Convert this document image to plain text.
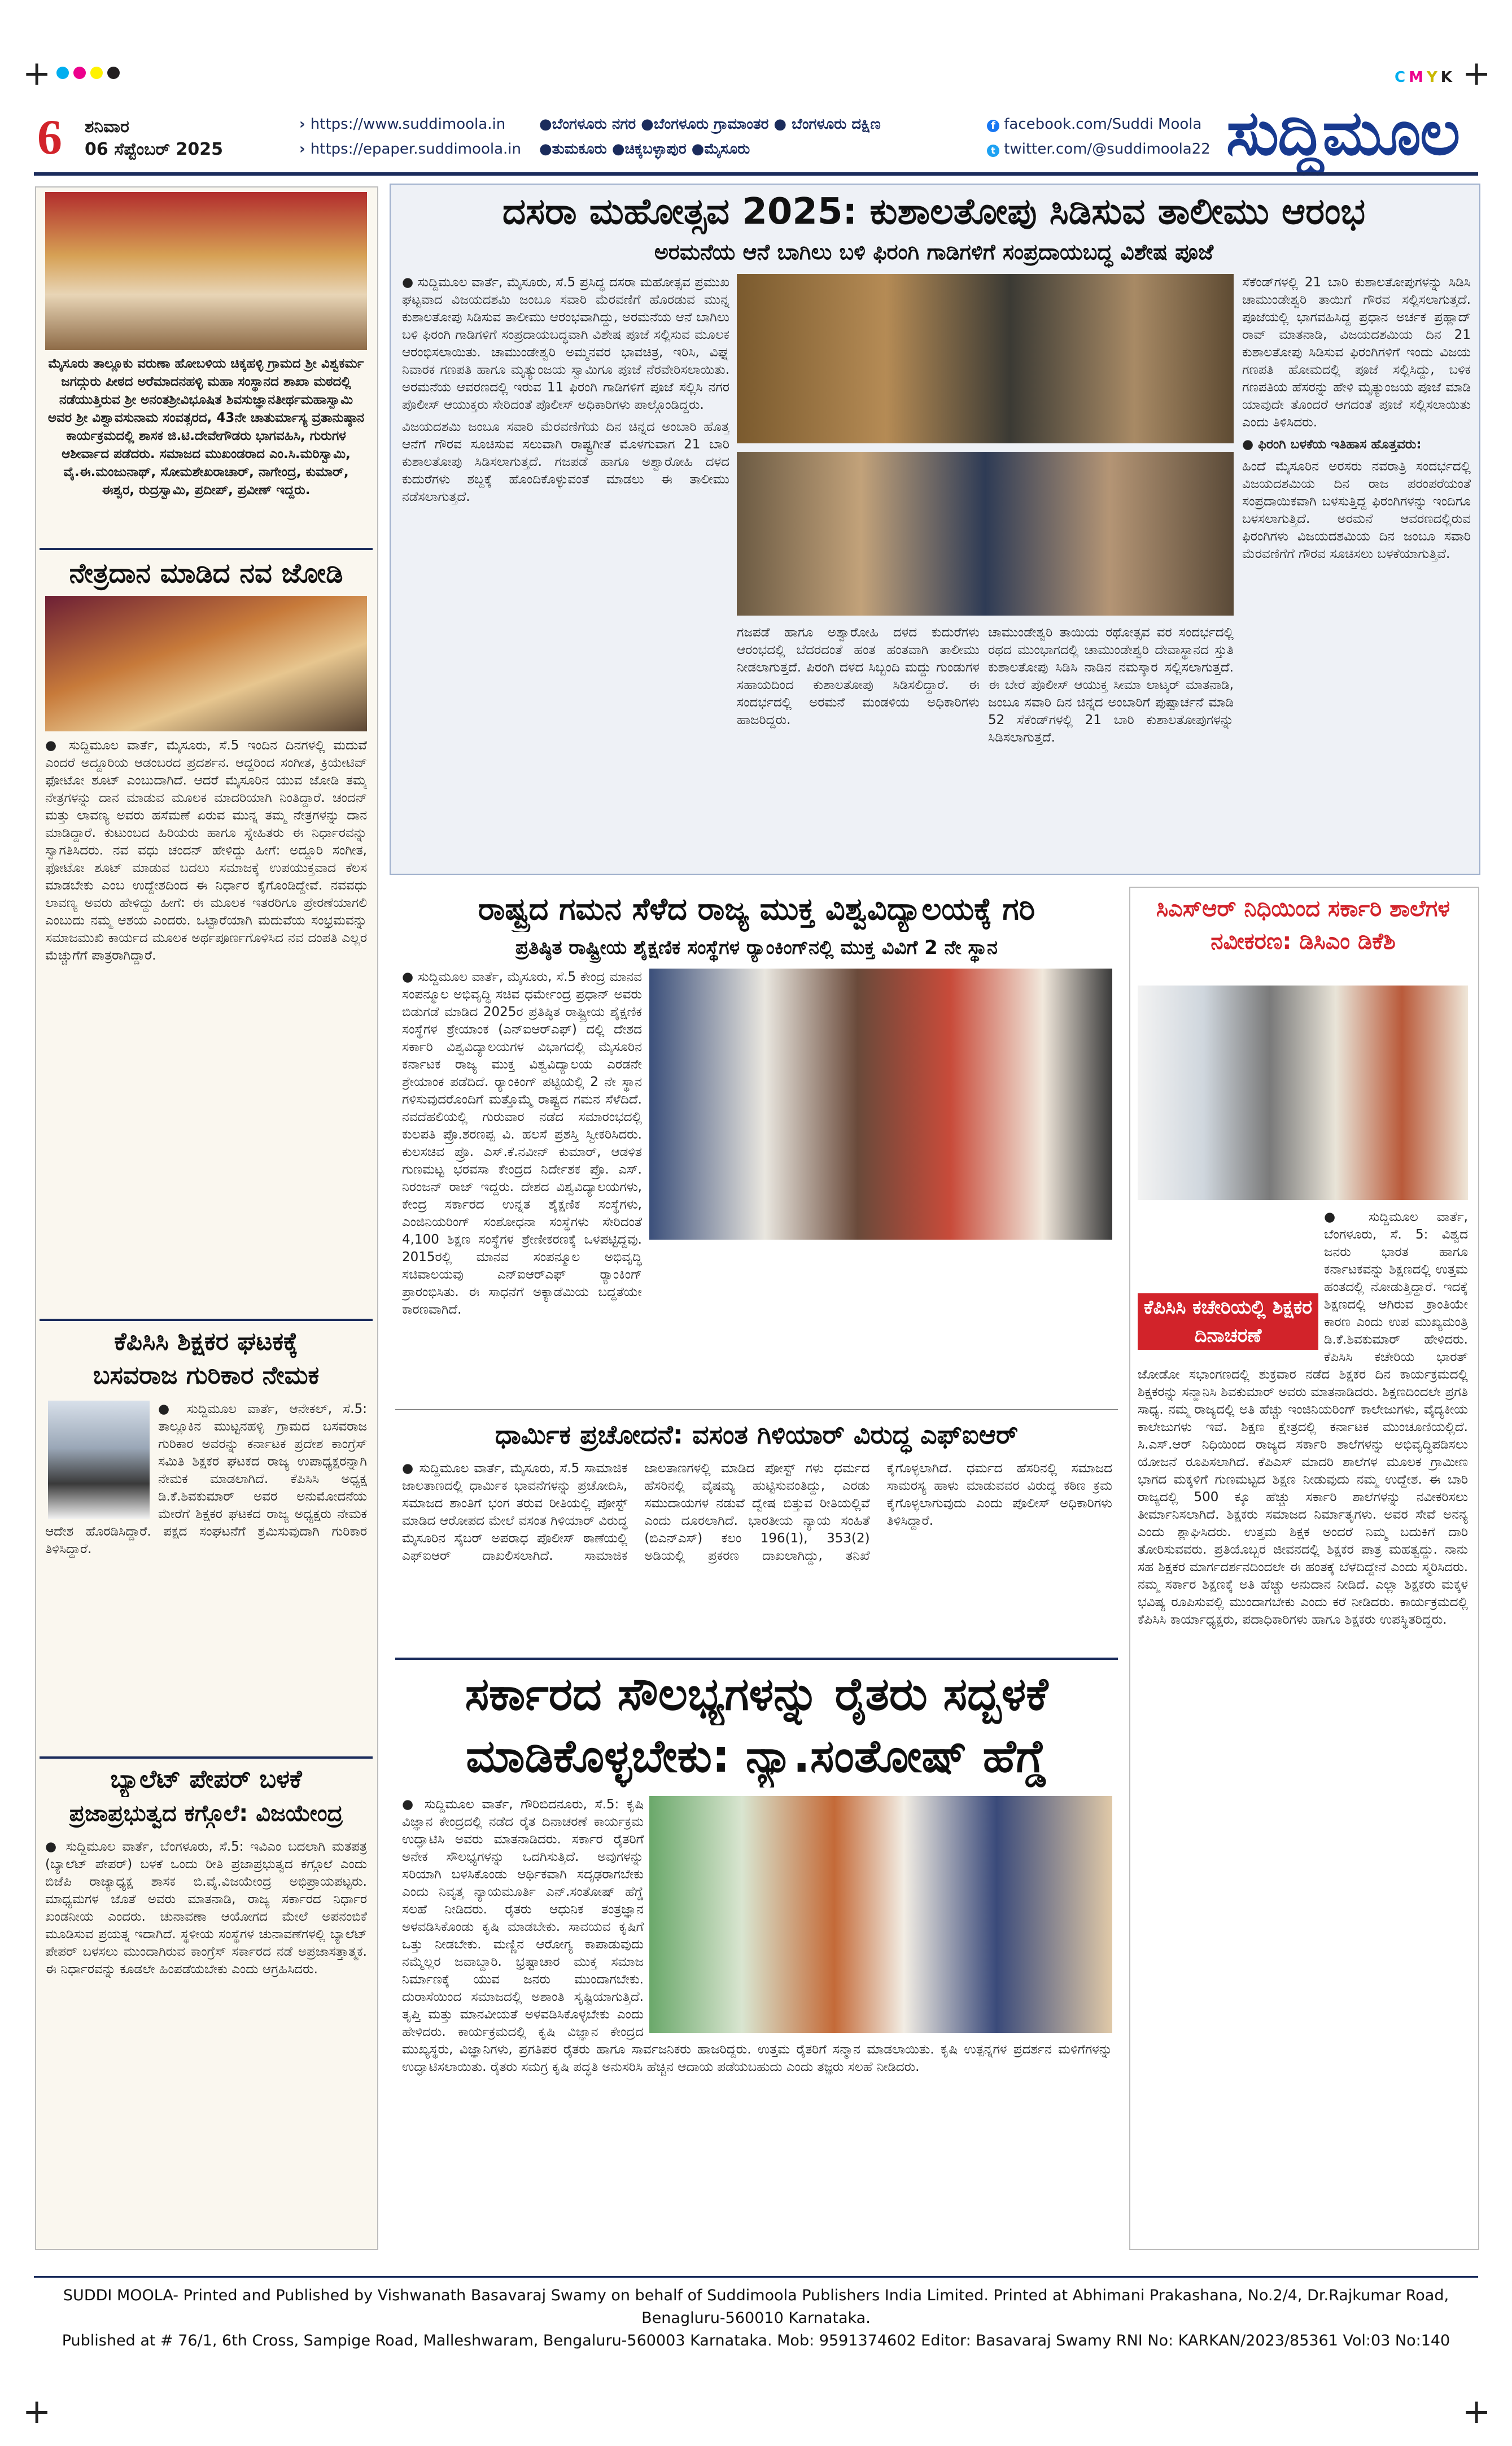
+	+
+	+
CMYK
6 ಶನಿವಾರ
06 ಸೆಪ್ಟೆಂಬರ್ 2025
› https://www.suddimoola.in
› https://epaper.suddimoola.in
●ಬೆಂಗಳೂರು ನಗರ ●ಬೆಂಗಳೂರು ಗ್ರಾಮಾಂತರ ● ಬೆಂಗಳೂರು ದಕ್ಷಿಣ
●ತುಮಕೂರು ●ಚಿಕ್ಕಬಳ್ಳಾಪುರ ●ಮೈಸೂರು
f facebook.com/Suddi Moola
t twitter.com/@suddimoola22 ಸುದ್ದಿಮೂಲ
ಮೈಸೂರು ತಾಲ್ಲೂಕು ವರುಣಾ ಹೋಬಳಿಯ ಚಿಕ್ಕಹಳ್ಳಿ ಗ್ರಾಮದ ಶ್ರೀ ವಿಶ್ವಕರ್ಮ ಜಗದ್ಗುರು ಪೀಠದ ಅರೆಮಾದನಹಳ್ಳಿ ಮಹಾ ಸಂಸ್ಥಾನದ ಶಾಖಾ ಮಠದಲ್ಲಿ ನಡೆಯುತ್ತಿರುವ ಶ್ರೀ ಅನಂತಶ್ರೀವಿಭೂಷಿತ ಶಿವಸುಜ್ಞಾನತೀರ್ಥಮಹಾಸ್ವಾಮಿ ಅವರ ಶ್ರೀ ವಿಶ್ವಾವಸುನಾಮ ಸಂವತ್ಸರದ, 43ನೇ ಚಾತುರ್ಮಾಸ್ಯ ವ್ರತಾನುಷ್ಠಾನ ಕಾರ್ಯಕ್ರಮದಲ್ಲಿ ಶಾಸಕ ಜಿ.ಟಿ.ದೇವೇಗೌಡರು ಭಾಗವಹಿಸಿ, ಗುರುಗಳ ಆಶೀರ್ವಾದ ಪಡೆದರು. ಸಮಾಜದ ಮುಖಂಡರಾದ ಎಂ.ಸಿ.ಮರಿಸ್ವಾಮಿ, ವೈ.ಈ.ಮಂಜುನಾಥ್, ಸೋಮಶೇಖರಾಚಾರ್, ನಾಗೇಂದ್ರ, ಕುಮಾರ್, ಈಶ್ವರ, ರುದ್ರಸ್ವಾಮಿ, ಪ್ರದೀಪ್, ಪ್ರವೀಣ್ ಇದ್ದರು.
ನೇತ್ರದಾನ ಮಾಡಿದ ನವ ಜೋಡಿ
● ಸುದ್ದಿಮೂಲ ವಾರ್ತೆ, ಮೈಸೂರು, ಸೆ.5 ಇಂದಿನ ದಿನಗಳಲ್ಲಿ ಮದುವೆ ಎಂದರೆ ಅದ್ದೂರಿಯ ಆಡಂಬರದ ಪ್ರದರ್ಶನ. ಆದ್ದರಿಂದ ಸಂಗೀತ, ಕ್ರಿಯೇಟಿವ್ ಫೋಟೋ ಶೂಟ್ ಎಂಬುದಾಗಿದೆ. ಆದರೆ ಮೈಸೂರಿನ ಯುವ ಜೋಡಿ ತಮ್ಮ ನೇತ್ರಗಳನ್ನು ದಾನ ಮಾಡುವ ಮೂಲಕ ಮಾದರಿಯಾಗಿ ನಿಂತಿದ್ದಾರೆ. ಚಂದನ್ ಮತ್ತು ಲಾವಣ್ಯ ಅವರು ಹಸೆಮಣೆ ಏರುವ ಮುನ್ನ ತಮ್ಮ ನೇತ್ರಗಳನ್ನು ದಾನ ಮಾಡಿದ್ದಾರೆ. ಕುಟುಂಬದ ಹಿರಿಯರು ಹಾಗೂ ಸ್ನೇಹಿತರು ಈ ನಿರ್ಧಾರವನ್ನು ಸ್ವಾಗತಿಸಿದರು. ನವ ವಧು ಚಂದನ್ ಹೇಳಿದ್ದು ಹೀಗೆ: ಅದ್ದೂರಿ ಸಂಗೀತ, ಫೋಟೋ ಶೂಟ್ ಮಾಡುವ ಬದಲು ಸಮಾಜಕ್ಕೆ ಉಪಯುಕ್ತವಾದ ಕೆಲಸ ಮಾಡಬೇಕು ಎಂಬ ಉದ್ದೇಶದಿಂದ ಈ ನಿರ್ಧಾರ ಕೈಗೊಂಡಿದ್ದೇವೆ. ನವವಧು ಲಾವಣ್ಯ ಅವರು ಹೇಳಿದ್ದು ಹೀಗೆ: ಈ ಮೂಲಕ ಇತರರಿಗೂ ಪ್ರೇರಣೆಯಾಗಲಿ ಎಂಬುದು ನಮ್ಮ ಆಶಯ ಎಂದರು. ಒಟ್ಟಾರೆಯಾಗಿ ಮದುವೆಯ ಸಂಭ್ರಮವನ್ನು ಸಮಾಜಮುಖಿ ಕಾರ್ಯದ ಮೂಲಕ ಅರ್ಥಪೂರ್ಣಗೊಳಿಸಿದ ನವ ದಂಪತಿ ಎಲ್ಲರ ಮೆಚ್ಚುಗೆಗೆ ಪಾತ್ರರಾಗಿದ್ದಾರೆ.
ಕೆಪಿಸಿಸಿ ಶಿಕ್ಷಕರ ಘಟಕಕ್ಕೆ
ಬಸವರಾಜ ಗುರಿಕಾರ ನೇಮಕ
● ಸುದ್ದಿಮೂಲ ವಾರ್ತೆ, ಆನೇಕಲ್, ಸೆ.5: ತಾಲ್ಲೂಕಿನ ಮುಟ್ಟನಹಳ್ಳಿ ಗ್ರಾಮದ ಬಸವರಾಜ ಗುರಿಕಾರ ಅವರನ್ನು ಕರ್ನಾಟಕ ಪ್ರದೇಶ ಕಾಂಗ್ರೆಸ್ ಸಮಿತಿ ಶಿಕ್ಷಕರ ಘಟಕದ ರಾಜ್ಯ ಉಪಾಧ್ಯಕ್ಷರನ್ನಾಗಿ ನೇಮಕ ಮಾಡಲಾಗಿದೆ. ಕೆಪಿಸಿಸಿ ಅಧ್ಯಕ್ಷ ಡಿ.ಕೆ.ಶಿವಕುಮಾರ್ ಅವರ ಅನುಮೋದನೆಯ ಮೇರೆಗೆ ಶಿಕ್ಷಕರ ಘಟಕದ ರಾಜ್ಯ ಅಧ್ಯಕ್ಷರು ನೇಮಕ ಆದೇಶ ಹೊರಡಿಸಿದ್ದಾರೆ. ಪಕ್ಷದ ಸಂಘಟನೆಗೆ ಶ್ರಮಿಸುವುದಾಗಿ ಗುರಿಕಾರ ತಿಳಿಸಿದ್ದಾರೆ.
ಬ್ಯಾಲೆಟ್ ಪೇಪರ್ ಬಳಕೆ
ಪ್ರಜಾಪ್ರಭುತ್ವದ ಕಗ್ಗೊಲೆ: ವಿಜಯೇಂದ್ರ
● ಸುದ್ದಿಮೂಲ ವಾರ್ತೆ, ಬೆಂಗಳೂರು, ಸೆ.5: ಇವಿಎಂ ಬದಲಾಗಿ ಮತಪತ್ರ (ಬ್ಯಾಲೆಟ್ ಪೇಪರ್) ಬಳಕೆ ಒಂದು ರೀತಿ ಪ್ರಜಾಪ್ರಭುತ್ವದ ಕಗ್ಗೊಲೆ ಎಂದು ಬಿಜೆಪಿ ರಾಜ್ಯಾಧ್ಯಕ್ಷ ಶಾಸಕ ಬಿ.ವೈ.ವಿಜಯೇಂದ್ರ ಅಭಿಪ್ರಾಯಪಟ್ಟರು. ಮಾಧ್ಯಮಗಳ ಜೊತೆ ಅವರು ಮಾತನಾಡಿ, ರಾಜ್ಯ ಸರ್ಕಾರದ ನಿರ್ಧಾರ ಖಂಡನೀಯ ಎಂದರು. ಚುನಾವಣಾ ಆಯೋಗದ ಮೇಲೆ ಅಪನಂಬಿಕೆ ಮೂಡಿಸುವ ಪ್ರಯತ್ನ ಇದಾಗಿದೆ. ಸ್ಥಳೀಯ ಸಂಸ್ಥೆಗಳ ಚುನಾವಣೆಗಳಲ್ಲಿ ಬ್ಯಾಲೆಟ್ ಪೇಪರ್ ಬಳಸಲು ಮುಂದಾಗಿರುವ ಕಾಂಗ್ರೆಸ್ ಸರ್ಕಾರದ ನಡೆ ಅಪ್ರಜಾಸತ್ತಾತ್ಮಕ. ಈ ನಿರ್ಧಾರವನ್ನು ಕೂಡಲೇ ಹಿಂಪಡೆಯಬೇಕು ಎಂದು ಆಗ್ರಹಿಸಿದರು.
ದಸರಾ ಮಹೋತ್ಸವ 2025: ಕುಶಾಲತೋಪು ಸಿಡಿಸುವ ತಾಲೀಮು ಆರಂಭ
ಅರಮನೆಯ ಆನೆ ಬಾಗಿಲು ಬಳಿ ಫಿರಂಗಿ ಗಾಡಿಗಳಿಗೆ ಸಂಪ್ರದಾಯಬದ್ಧ ವಿಶೇಷ ಪೂಜೆ

● ಸುದ್ದಿಮೂಲ ವಾರ್ತೆ, ಮೈಸೂರು, ಸೆ.5 ಪ್ರಸಿದ್ಧ ದಸರಾ ಮಹೋತ್ಸವ ಪ್ರಮುಖ ಘಟ್ಟವಾದ ವಿಜಯದಶಮಿ ಜಂಬೂ ಸವಾರಿ ಮೆರವಣಿಗೆ ಹೊರಡುವ ಮುನ್ನ ಕುಶಾಲತೋಪು ಸಿಡಿಸುವ ತಾಲೀಮು ಆರಂಭವಾಗಿದ್ದು, ಅರಮನೆಯ ಆನೆ ಬಾಗಿಲು ಬಳಿ ಫಿರಂಗಿ ಗಾಡಿಗಳಿಗೆ ಸಂಪ್ರದಾಯಬದ್ಧವಾಗಿ ವಿಶೇಷ ಪೂಜೆ ಸಲ್ಲಿಸುವ ಮೂಲಕ ಆರಂಭಿಸಲಾಯಿತು. ಚಾಮುಂಡೇಶ್ವರಿ ಅಮ್ಮನವರ ಭಾವಚಿತ್ರ, ಇರಿಸಿ, ವಿಘ್ನ ನಿವಾರಕ ಗಣಪತಿ ಹಾಗೂ ಮೃತ್ಯುಂಜಯ ಸ್ವಾಮಿಗೂ ಪೂಜೆ ನೆರವೇರಿಸಲಾಯಿತು. ಅರಮನೆಯ ಆವರಣದಲ್ಲಿ ಇರುವ 11 ಫಿರಂಗಿ ಗಾಡಿಗಳಿಗೆ ಪೂಜೆ ಸಲ್ಲಿಸಿ ನಗರ ಪೊಲೀಸ್ ಆಯುಕ್ತರು ಸೇರಿದಂತೆ ಪೊಲೀಸ್ ಅಧಿಕಾರಿಗಳು ಪಾಲ್ಗೊಂಡಿದ್ದರು.

ವಿಜಯದಶಮಿ ಜಂಬೂ ಸವಾರಿ ಮೆರವಣಿಗೆಯ ದಿನ ಚಿನ್ನದ ಅಂಬಾರಿ ಹೊತ್ತ ಆನೆಗೆ ಗೌರವ ಸೂಚಿಸುವ ಸಲುವಾಗಿ ರಾಷ್ಟ್ರಗೀತೆ ಮೊಳಗುವಾಗ 21 ಬಾರಿ ಕುಶಾಲತೋಪು ಸಿಡಿಸಲಾಗುತ್ತದೆ. ಗಜಪಡೆ ಹಾಗೂ ಅಶ್ವಾರೋಹಿ ದಳದ ಕುದುರೆಗಳು ಶಬ್ದಕ್ಕೆ ಹೊಂದಿಕೊಳ್ಳುವಂತೆ ಮಾಡಲು ಈ ತಾಲೀಮು ನಡೆಸಲಾಗುತ್ತದೆ.

ಗಜಪಡೆ ಹಾಗೂ ಅಶ್ವಾರೋಹಿ ದಳದ ಕುದುರೆಗಳು ಆರಂಭದಲ್ಲಿ ಬೆದರದಂತೆ ಹಂತ ಹಂತವಾಗಿ ತಾಲೀಮು ನೀಡಲಾಗುತ್ತದೆ. ಪಿರಂಗಿ ದಳದ ಸಿಬ್ಬಂದಿ ಮದ್ದು ಗುಂಡುಗಳ ಸಹಾಯದಿಂದ ಕುಶಾಲತೋಪು ಸಿಡಿಸಲಿದ್ದಾರೆ. ಈ ಸಂದರ್ಭದಲ್ಲಿ ಅರಮನೆ ಮಂಡಳಿಯ ಅಧಿಕಾರಿಗಳು ಹಾಜರಿದ್ದರು.
ಚಾಮುಂಡೇಶ್ವರಿ ತಾಯಿಯ ರಥೋತ್ಸವ ವರ ಸಂದರ್ಭದಲ್ಲಿ ರಥದ ಮುಂಭಾಗದಲ್ಲಿ ಚಾಮುಂಡೇಶ್ವರಿ ದೇವಾಸ್ಥಾನದ ಸ್ತುತಿ ಕುಶಾಲತೋಪು ಸಿಡಿಸಿ ನಾಡಿನ ನಮಸ್ಕಾರ ಸಲ್ಲಿಸಲಾಗುತ್ತದೆ. ಈ ಬೇರೆ ಪೊಲೀಸ್ ಆಯುಕ್ತ ಸೀಮಾ ಲಾಟ್ಕರ್ ಮಾತನಾಡಿ, ಜಂಬೂ ಸವಾರಿ ದಿನ ಚಿನ್ನದ ಅಂಬಾರಿಗೆ ಪುಷ್ಪಾರ್ಚನೆ ಮಾಡಿ 52 ಸೆಕೆಂಡ್‌ಗಳಲ್ಲಿ 21 ಬಾರಿ ಕುಶಾಲತೋಪುಗಳನ್ನು ಸಿಡಿಸಲಾಗುತ್ತದೆ.

ಸೆಕೆಂಡ್‌ಗಳಲ್ಲಿ 21 ಬಾರಿ ಕುಶಾಲತೋಪುಗಳನ್ನು ಸಿಡಿಸಿ ಚಾಮುಂಡೇಶ್ವರಿ ತಾಯಿಗೆ ಗೌರವ ಸಲ್ಲಿಸಲಾಗುತ್ತದೆ. ಪೂಜೆಯಲ್ಲಿ ಭಾಗವಹಿಸಿದ್ದ ಪ್ರಧಾನ ಅರ್ಚಕ ಪ್ರಹ್ಲಾದ್ ರಾವ್ ಮಾತನಾಡಿ, ವಿಜಯದಶಮಿಯ ದಿನ 21 ಕುಶಾಲತೋಪು ಸಿಡಿಸುವ ಫಿರಂಗಿಗಳಿಗೆ ಇಂದು ವಿಜಯ ಗಣಪತಿ ಹೋಮದಲ್ಲಿ ಪೂಜೆ ಸಲ್ಲಿಸಿದ್ದು, ಬಳಿಕ ಗಣಪತಿಯ ಹೆಸರನ್ನು ಹೇಳಿ ಮೃತ್ಯುಂಜಯ ಪೂಜೆ ಮಾಡಿ ಯಾವುದೇ ತೊಂದರೆ ಆಗದಂತೆ ಪೂಜೆ ಸಲ್ಲಿಸಲಾಯಿತು ಎಂದು ತಿಳಿಸಿದರು.

● ಫಿರಂಗಿ ಬಳಕೆಯ ಇತಿಹಾಸ ಹೊತ್ತವರು:

ಹಿಂದೆ ಮೈಸೂರಿನ ಅರಸರು ನವರಾತ್ರಿ ಸಂದರ್ಭದಲ್ಲಿ ವಿಜಯದಶಮಿಯ ದಿನ ರಾಜ ಪರಂಪರೆಯಂತೆ ಸಂಪ್ರದಾಯಿಕವಾಗಿ ಬಳಸುತ್ತಿದ್ದ ಫಿರಂಗಿಗಳನ್ನು ಇಂದಿಗೂ ಬಳಸಲಾಗುತ್ತಿದೆ. ಅರಮನೆ ಆವರಣದಲ್ಲಿರುವ ಫಿರಂಗಿಗಳು ವಿಜಯದಶಮಿಯ ದಿನ ಜಂಬೂ ಸವಾರಿ ಮೆರವಣಿಗೆಗೆ ಗೌರವ ಸೂಚಿಸಲು ಬಳಕೆಯಾಗುತ್ತಿವೆ.

ರಾಷ್ಟ್ರದ ಗಮನ ಸೆಳೆದ ರಾಜ್ಯ ಮುಕ್ತ ವಿಶ್ವವಿದ್ಯಾಲಯಕ್ಕೆ ಗರಿ
ಪ್ರತಿಷ್ಠಿತ ರಾಷ್ಟ್ರೀಯ ಶೈಕ್ಷಣಿಕ ಸಂಸ್ಥೆಗಳ ರ್‍ಯಾಂಕಿಂಗ್‌ನಲ್ಲಿ ಮುಕ್ತ ವಿವಿಗೆ 2 ನೇ ಸ್ಥಾನ
● ಸುದ್ದಿಮೂಲ ವಾರ್ತೆ, ಮೈಸೂರು, ಸೆ.5 ಕೇಂದ್ರ ಮಾನವ ಸಂಪನ್ಮೂಲ ಅಭಿವೃದ್ಧಿ ಸಚಿವ ಧರ್ಮೇಂದ್ರ ಪ್ರಧಾನ್ ಅವರು ಬಿಡುಗಡೆ ಮಾಡಿದ 2025ರ ಪ್ರತಿಷ್ಠಿತ ರಾಷ್ಟ್ರೀಯ ಶೈಕ್ಷಣಿಕ ಸಂಸ್ಥೆಗಳ ಶ್ರೇಯಾಂಕ (ಎನ್‌ಐಆರ್‌ಎಫ್) ದಲ್ಲಿ ದೇಶದ ಸರ್ಕಾರಿ ವಿಶ್ವವಿದ್ಯಾಲಯಗಳ ವಿಭಾಗದಲ್ಲಿ ಮೈಸೂರಿನ ಕರ್ನಾಟಕ ರಾಜ್ಯ ಮುಕ್ತ ವಿಶ್ವವಿದ್ಯಾಲಯ ಎರಡನೇ ಶ್ರೇಯಾಂಕ ಪಡೆದಿದೆ. ರ್‍ಯಾಂಕಿಂಗ್ ಪಟ್ಟಿಯಲ್ಲಿ 2 ನೇ ಸ್ಥಾನ ಗಳಿಸುವುದರೊಂದಿಗೆ ಮತ್ತೊಮ್ಮೆ ರಾಷ್ಟ್ರದ ಗಮನ ಸೆಳೆದಿದೆ. ನವದೆಹಲಿಯಲ್ಲಿ ಗುರುವಾರ ನಡೆದ ಸಮಾರಂಭದಲ್ಲಿ ಕುಲಪತಿ ಪ್ರೊ.ಶರಣಪ್ಪ ವಿ. ಹಲಸೆ ಪ್ರಶಸ್ತಿ ಸ್ವೀಕರಿಸಿದರು. ಕುಲಸಚಿವ ಪ್ರೊ. ಎಸ್.ಕೆ.ನವೀನ್ ಕುಮಾರ್, ಆಡಳಿತ ಗುಣಮಟ್ಟ ಭರವಸಾ ಕೇಂದ್ರದ ನಿರ್ದೇಶಕ ಪ್ರೊ. ಎಸ್. ನಿರಂಜನ್ ರಾಜ್ ಇದ್ದರು. ದೇಶದ ವಿಶ್ವವಿದ್ಯಾಲಯಗಳು, ಕೇಂದ್ರ ಸರ್ಕಾರದ ಉನ್ನತ ಶೈಕ್ಷಣಿಕ ಸಂಸ್ಥೆಗಳು, ಎಂಜಿನಿಯರಿಂಗ್ ಸಂಶೋಧನಾ ಸಂಸ್ಥೆಗಳು ಸೇರಿದಂತೆ 4,100 ಶಿಕ್ಷಣ ಸಂಸ್ಥೆಗಳ ಶ್ರೇಣೀಕರಣಕ್ಕೆ ಒಳಪಟ್ಟಿದ್ದವು. 2015ರಲ್ಲಿ ಮಾನವ ಸಂಪನ್ಮೂಲ ಅಭಿವೃದ್ಧಿ ಸಚಿವಾಲಯವು ಎನ್‌ಐಆರ್‌ಎಫ್ ರ್‍ಯಾಂಕಿಂಗ್ ಪ್ರಾರಂಭಿಸಿತು. ಈ ಸಾಧನೆಗೆ ಅಕ್ಯಾಡೆಮಿಯ ಬದ್ಧತೆಯೇ ಕಾರಣವಾಗಿದೆ.
ಧಾರ್ಮಿಕ ಪ್ರಚೋದನೆ: ವಸಂತ ಗಿಳಿಯಾರ್ ವಿರುದ್ಧ ಎಫ್‌ಐಆರ್
● ಸುದ್ದಿಮೂಲ ವಾರ್ತೆ, ಮೈಸೂರು, ಸೆ.5 ಸಾಮಾಜಿಕ ಜಾಲತಾಣದಲ್ಲಿ ಧಾರ್ಮಿಕ ಭಾವನೆಗಳನ್ನು ಪ್ರಚೋದಿಸಿ, ಸಮಾಜದ ಶಾಂತಿಗೆ ಭಂಗ ತರುವ ರೀತಿಯಲ್ಲಿ ಪೋಸ್ಟ್ ಮಾಡಿದ ಆರೋಪದ ಮೇಲೆ ವಸಂತ ಗಿಳಿಯಾರ್ ವಿರುದ್ಧ ಮೈಸೂರಿನ ಸೈಬರ್ ಅಪರಾಧ ಪೊಲೀಸ್ ಠಾಣೆಯಲ್ಲಿ ಎಫ್‌ಐಆರ್ ದಾಖಲಿಸಲಾಗಿದೆ. ಸಾಮಾಜಿಕ ಜಾಲತಾಣಗಳಲ್ಲಿ ಮಾಡಿದ ಪೋಸ್ಟ್ ಗಳು ಧರ್ಮದ ಹೆಸರಿನಲ್ಲಿ ವೈಷಮ್ಯ ಹುಟ್ಟಿಸುವಂತಿದ್ದು, ಎರಡು ಸಮುದಾಯಗಳ ನಡುವೆ ದ್ವೇಷ ಬಿತ್ತುವ ರೀತಿಯಲ್ಲಿವೆ ಎಂದು ದೂರಲಾಗಿದೆ. ಭಾರತೀಯ ನ್ಯಾಯ ಸಂಹಿತೆ (ಬಿಎನ್‌ಎಸ್) ಕಲಂ 196(1), 353(2) ಅಡಿಯಲ್ಲಿ ಪ್ರಕರಣ ದಾಖಲಾಗಿದ್ದು, ತನಿಖೆ ಕೈಗೊಳ್ಳಲಾಗಿದೆ. ಧರ್ಮದ ಹೆಸರಿನಲ್ಲಿ ಸಮಾಜದ ಸಾಮರಸ್ಯ ಹಾಳು ಮಾಡುವವರ ವಿರುದ್ಧ ಕಠಿಣ ಕ್ರಮ ಕೈಗೊಳ್ಳಲಾಗುವುದು ಎಂದು ಪೊಲೀಸ್ ಅಧಿಕಾರಿಗಳು ತಿಳಿಸಿದ್ದಾರೆ.
ಸರ್ಕಾರದ ಸೌಲಭ್ಯಗಳನ್ನು ರೈತರು ಸದ್ಬಳಕೆ
ಮಾಡಿಕೊಳ್ಳಬೇಕು: ನ್ಯಾ.ಸಂತೋಷ್ ಹೆಗ್ಡೆ
● ಸುದ್ದಿಮೂಲ ವಾರ್ತೆ, ಗೌರಿಬಿದನೂರು, ಸೆ.5: ಕೃಷಿ ವಿಜ್ಞಾನ ಕೇಂದ್ರದಲ್ಲಿ ನಡೆದ ರೈತ ದಿನಾಚರಣೆ ಕಾರ್ಯಕ್ರಮ ಉದ್ಘಾಟಿಸಿ ಅವರು ಮಾತನಾಡಿದರು. ಸರ್ಕಾರ ರೈತರಿಗೆ ಅನೇಕ ಸೌಲಭ್ಯಗಳನ್ನು ಒದಗಿಸುತ್ತಿದೆ. ಅವುಗಳನ್ನು ಸರಿಯಾಗಿ ಬಳಸಿಕೊಂಡು ಆರ್ಥಿಕವಾಗಿ ಸದೃಢರಾಗಬೇಕು ಎಂದು ನಿವೃತ್ತ ನ್ಯಾಯಮೂರ್ತಿ ಎನ್.ಸಂತೋಷ್ ಹೆಗ್ಡೆ ಸಲಹೆ ನೀಡಿದರು. ರೈತರು ಆಧುನಿಕ ತಂತ್ರಜ್ಞಾನ ಅಳವಡಿಸಿಕೊಂಡು ಕೃಷಿ ಮಾಡಬೇಕು. ಸಾವಯವ ಕೃಷಿಗೆ ಒತ್ತು ನೀಡಬೇಕು. ಮಣ್ಣಿನ ಆರೋಗ್ಯ ಕಾಪಾಡುವುದು ನಮ್ಮೆಲ್ಲರ ಜವಾಬ್ದಾರಿ. ಭ್ರಷ್ಟಾಚಾರ ಮುಕ್ತ ಸಮಾಜ ನಿರ್ಮಾಣಕ್ಕೆ ಯುವ ಜನರು ಮುಂದಾಗಬೇಕು. ದುರಾಸೆಯಿಂದ ಸಮಾಜದಲ್ಲಿ ಅಶಾಂತಿ ಸೃಷ್ಟಿಯಾಗುತ್ತಿದೆ. ತೃಪ್ತಿ ಮತ್ತು ಮಾನವೀಯತೆ ಅಳವಡಿಸಿಕೊಳ್ಳಬೇಕು ಎಂದು ಹೇಳಿದರು. ಕಾರ್ಯಕ್ರಮದಲ್ಲಿ ಕೃಷಿ ವಿಜ್ಞಾನ ಕೇಂದ್ರದ ಮುಖ್ಯಸ್ಥರು, ವಿಜ್ಞಾನಿಗಳು, ಪ್ರಗತಿಪರ ರೈತರು ಹಾಗೂ ಸಾರ್ವಜನಿಕರು ಹಾಜರಿದ್ದರು. ಉತ್ತಮ ರೈತರಿಗೆ ಸನ್ಮಾನ ಮಾಡಲಾಯಿತು. ಕೃಷಿ ಉತ್ಪನ್ನಗಳ ಪ್ರದರ್ಶನ ಮಳಿಗೆಗಳನ್ನು ಉದ್ಘಾಟಿಸಲಾಯಿತು. ರೈತರು ಸಮಗ್ರ ಕೃಷಿ ಪದ್ಧತಿ ಅನುಸರಿಸಿ ಹೆಚ್ಚಿನ ಆದಾಯ ಪಡೆಯಬಹುದು ಎಂದು ತಜ್ಞರು ಸಲಹೆ ನೀಡಿದರು.
ಸಿಎಸ್‌ಆರ್ ನಿಧಿಯಿಂದ ಸರ್ಕಾರಿ ಶಾಲೆಗಳ ನವೀಕರಣ: ಡಿಸಿಎಂ ಡಿಕೆಶಿ
ಕೆಪಿಸಿಸಿ ಕಚೇರಿಯಲ್ಲಿ ಶಿಕ್ಷಕರ ದಿನಾಚರಣೆ
● ಸುದ್ದಿಮೂಲ ವಾರ್ತೆ, ಬೆಂಗಳೂರು, ಸೆ. 5: ವಿಶ್ವದ ಜನರು ಭಾರತ ಹಾಗೂ ಕರ್ನಾಟಕವನ್ನು ಶಿಕ್ಷಣದಲ್ಲಿ ಉತ್ತಮ ಹಂತದಲ್ಲಿ ನೋಡುತ್ತಿದ್ದಾರೆ. ಇದಕ್ಕೆ ಶಿಕ್ಷಣದಲ್ಲಿ ಆಗಿರುವ ಕ್ರಾಂತಿಯೇ ಕಾರಣ ಎಂದು ಉಪ ಮುಖ್ಯಮಂತ್ರಿ ಡಿ.ಕೆ.ಶಿವಕುಮಾರ್ ಹೇಳಿದರು. ಕೆಪಿಸಿಸಿ ಕಚೇರಿಯ ಭಾರತ್ ಜೋಡೋ ಸಭಾಂಗಣದಲ್ಲಿ ಶುಕ್ರವಾರ ನಡೆದ ಶಿಕ್ಷಕರ ದಿನ ಕಾರ್ಯಕ್ರಮದಲ್ಲಿ ಶಿಕ್ಷಕರನ್ನು ಸನ್ಮಾನಿಸಿ ಶಿವಕುಮಾರ್ ಅವರು ಮಾತನಾಡಿದರು. ಶಿಕ್ಷಣದಿಂದಲೇ ಪ್ರಗತಿ ಸಾಧ್ಯ. ನಮ್ಮ ರಾಜ್ಯದಲ್ಲಿ ಅತಿ ಹೆಚ್ಚು ಇಂಜಿನಿಯರಿಂಗ್ ಕಾಲೇಜುಗಳು, ವೈದ್ಯಕೀಯ ಕಾಲೇಜುಗಳು ಇವೆ. ಶಿಕ್ಷಣ ಕ್ಷೇತ್ರದಲ್ಲಿ ಕರ್ನಾಟಕ ಮುಂಚೂಣಿಯಲ್ಲಿದೆ. ಸಿ.ಎಸ್.ಆರ್ ನಿಧಿಯಿಂದ ರಾಜ್ಯದ ಸರ್ಕಾರಿ ಶಾಲೆಗಳನ್ನು ಅಭಿವೃದ್ಧಿಪಡಿಸಲು ಯೋಜನೆ ರೂಪಿಸಲಾಗಿದೆ. ಕೆಪಿಎಸ್ ಮಾದರಿ ಶಾಲೆಗಳ ಮೂಲಕ ಗ್ರಾಮೀಣ ಭಾಗದ ಮಕ್ಕಳಿಗೆ ಗುಣಮಟ್ಟದ ಶಿಕ್ಷಣ ನೀಡುವುದು ನಮ್ಮ ಉದ್ದೇಶ. ಈ ಬಾರಿ ರಾಜ್ಯದಲ್ಲಿ 500 ಕ್ಕೂ ಹೆಚ್ಚು ಸರ್ಕಾರಿ ಶಾಲೆಗಳನ್ನು ನವೀಕರಿಸಲು ತೀರ್ಮಾನಿಸಲಾಗಿದೆ. ಶಿಕ್ಷಕರು ಸಮಾಜದ ನಿರ್ಮಾತೃಗಳು. ಅವರ ಸೇವೆ ಅನನ್ಯ ಎಂದು ಶ್ಲಾಘಿಸಿದರು. ಉತ್ತಮ ಶಿಕ್ಷಕ ಅಂದರೆ ನಿಮ್ಮ ಬದುಕಿಗೆ ದಾರಿ ತೋರಿಸುವವರು. ಪ್ರತಿಯೊಬ್ಬರ ಜೀವನದಲ್ಲಿ ಶಿಕ್ಷಕರ ಪಾತ್ರ ಮಹತ್ವದ್ದು. ನಾನು ಸಹ ಶಿಕ್ಷಕರ ಮಾರ್ಗದರ್ಶನದಿಂದಲೇ ಈ ಹಂತಕ್ಕೆ ಬೆಳೆದಿದ್ದೇನೆ ಎಂದು ಸ್ಮರಿಸಿದರು. ನಮ್ಮ ಸರ್ಕಾರ ಶಿಕ್ಷಣಕ್ಕೆ ಅತಿ ಹೆಚ್ಚು ಅನುದಾನ ನೀಡಿದೆ. ಎಲ್ಲಾ ಶಿಕ್ಷಕರು ಮಕ್ಕಳ ಭವಿಷ್ಯ ರೂಪಿಸುವಲ್ಲಿ ಮುಂದಾಗಬೇಕು ಎಂದು ಕರೆ ನೀಡಿದರು. ಕಾರ್ಯಕ್ರಮದಲ್ಲಿ ಕೆಪಿಸಿಸಿ ಕಾರ್ಯಾಧ್ಯಕ್ಷರು, ಪದಾಧಿಕಾರಿಗಳು ಹಾಗೂ ಶಿಕ್ಷಕರು ಉಪಸ್ಥಿತರಿದ್ದರು.
SUDDI MOOLA- Printed and Published by Vishwanath Basavaraj Swamy on behalf of Suddimoola Publishers India Limited. Printed at Abhimani Prakashana, No.2/4, Dr.Rajkumar Road, Benagluru-560010 Karnataka.
Published at # 76/1, 6th Cross, Sampige Road, Malleshwaram, Bengaluru-560003 Karnataka. Mob: 9591374602 Editor: Basavaraj Swamy RNI No: KARKAN/2023/85361 Vol:03 No:140
